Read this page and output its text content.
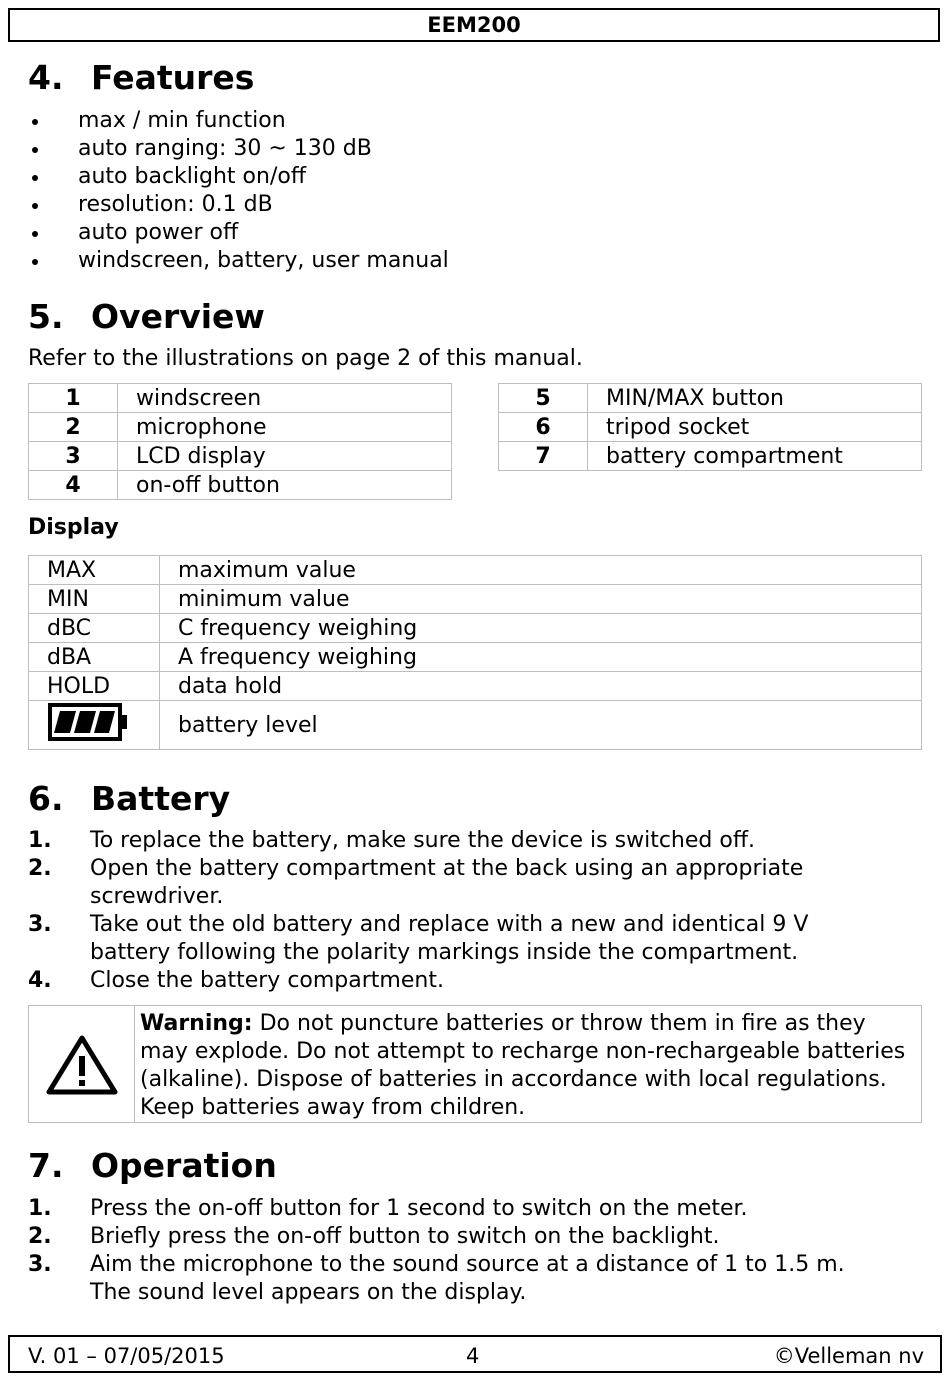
EEM200
4. Features
max / min function
auto ranging: 30 ~ 130 dB
auto backlight on/off
resolution: 0.1 dB
auto power off
windscreen, battery, user manual
5. Overview
Refer to the illustrations on page 2 of this manual.
1	windscreen
2	microphone
3	LCD display
4	on-off button
5	MIN/MAX button
6	tripod socket
7	battery compartment
Display
MAX	maximum value
MIN	minimum value
dBC	C frequency weighing
dBA	A frequency weighing
HOLD	data hold
	battery level
6. Battery
1. To replace the battery, make sure the device is switched off.
2. Open the battery compartment at the back using an appropriate screwdriver.
3. Take out the old battery and replace with a new and identical 9 V battery following the polarity markings inside the compartment.
4. Close the battery compartment.
Warning: Do not puncture batteries or throw them in fire as they may explode. Do not attempt to recharge non-rechargeable batteries (alkaline). Dispose of batteries in accordance with local regulations. Keep batteries away from children.
7. Operation
1. Press the on-off button for 1 second to switch on the meter.
2. Briefly press the on-off button to switch on the backlight.
3. Aim the microphone to the sound source at a distance of 1 to 1.5 m. The sound level appears on the display.
V. 01 – 07/05/2015	4	©Velleman nv
